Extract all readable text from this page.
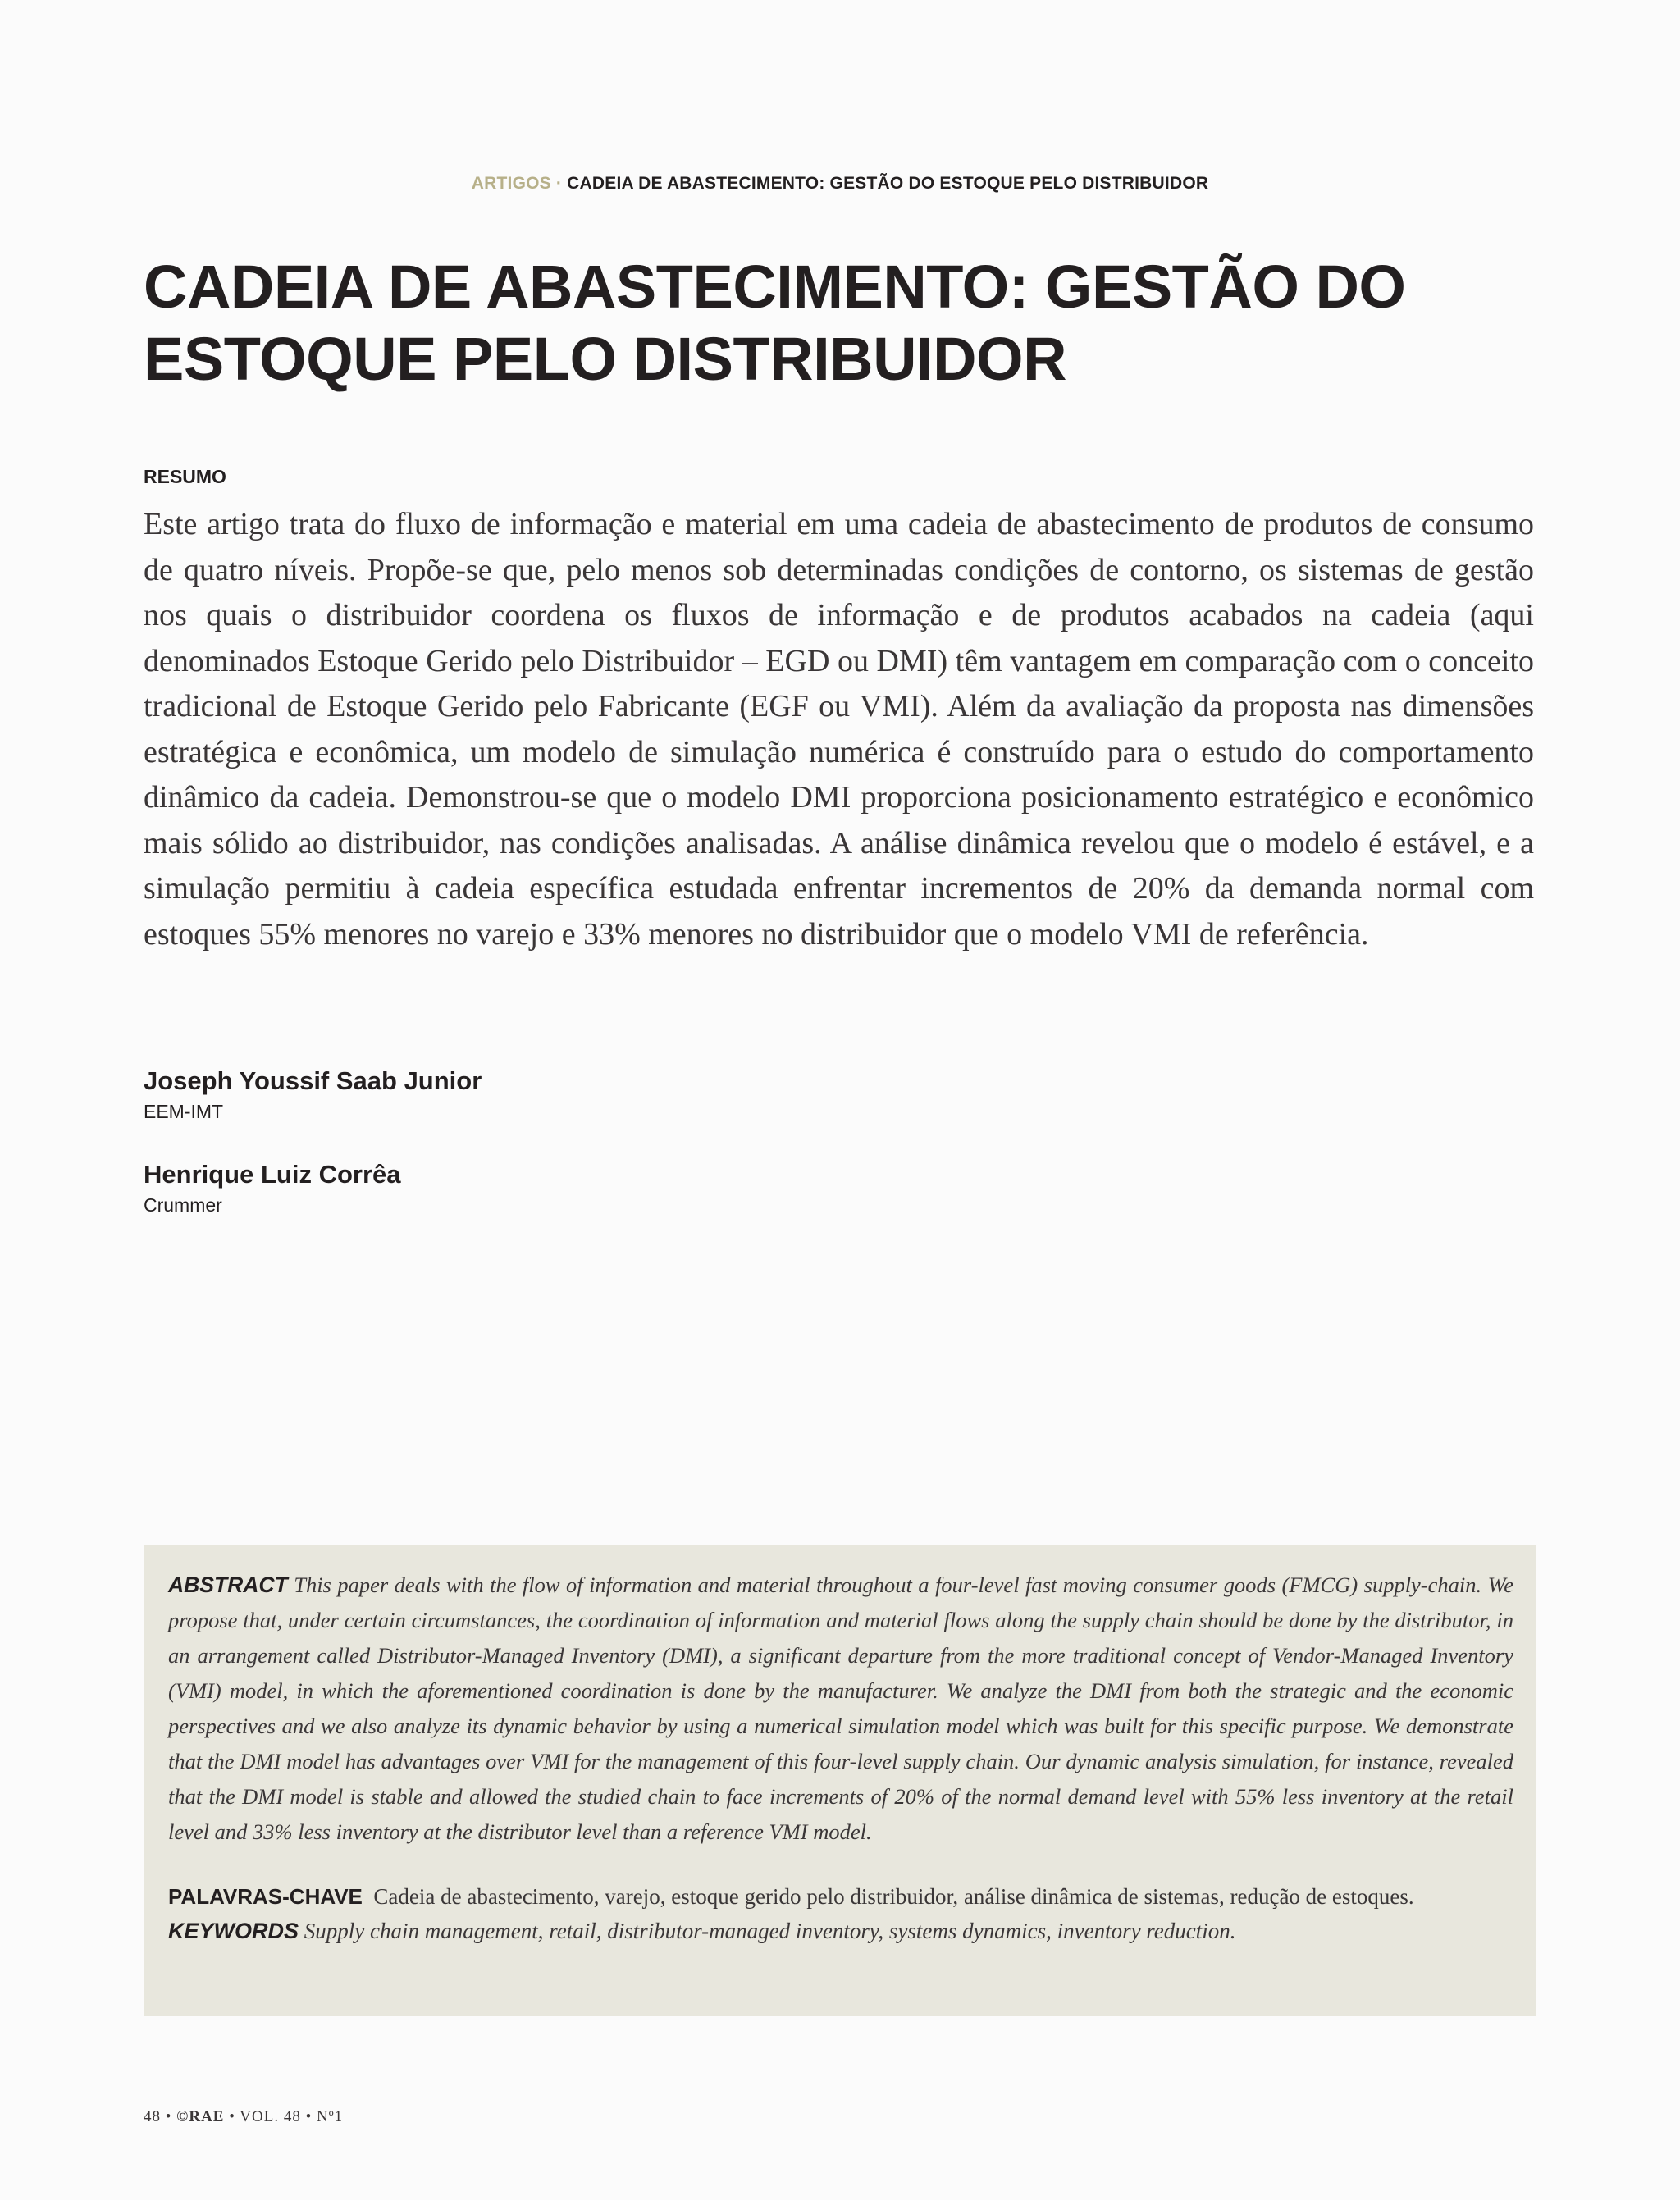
ARTIGOS · CADEIA DE ABASTECIMENTO: GESTÃO DO ESTOQUE PELO DISTRIBUIDOR
CADEIA DE ABASTECIMENTO: GESTÃO DO ESTOQUE PELO DISTRIBUIDOR
RESUMO

Este artigo trata do fluxo de informação e material em uma cadeia de abastecimento de produtos de consumo de quatro níveis. Propõe-se que, pelo menos sob determinadas condições de contorno, os sistemas de gestão nos quais o distribuidor coordena os fluxos de informação e de produtos acabados na cadeia (aqui denominados Estoque Gerido pelo Distribuidor – EGD ou DMI) têm vantagem em comparação com o conceito tradicional de Estoque Gerido pelo Fabricante (EGF ou VMI). Além da avaliação da proposta nas dimensões estratégica e econômica, um modelo de simulação numérica é construído para o estudo do comportamento dinâmico da cadeia. Demonstrou-se que o modelo DMI proporciona posicionamento estratégico e econômico mais sólido ao distribuidor, nas condições analisadas. A análise dinâmica revelou que o modelo é estável, e a simulação permitiu à cadeia específica estudada enfrentar incrementos de 20% da demanda normal com estoques 55% menores no varejo e 33% menores no distribuidor que o modelo VMI de referência.

Joseph Youssif Saab Junior
EEM-IMT
Henrique Luiz Corrêa
Crummer

ABSTRACT This paper deals with the flow of information and material throughout a four-level fast moving consumer goods (FMCG) supply-chain. We propose that, under certain circumstances, the coordination of information and material flows along the supply chain should be done by the distributor, in an arrangement called Distributor-Managed Inventory (DMI), a significant departure from the more traditional concept of Vendor-Managed Inventory (VMI) model, in which the aforementioned coordination is done by the manufacturer. We analyze the DMI from both the strategic and the economic perspectives and we also analyze its dynamic behavior by using a numerical simulation model which was built for this specific purpose. We demonstrate that the DMI model has advantages over VMI for the management of this four-level supply chain. Our dynamic analysis simulation, for instance, revealed that the DMI model is stable and allowed the studied chain to face increments of 20% of the normal demand level with 55% less inventory at the retail level and 33% less inventory at the distributor level than a reference VMI model.

PALAVRAS-CHAVE Cadeia de abastecimento, varejo, estoque gerido pelo distribuidor, análise dinâmica de sistemas, redução de estoques.

KEYWORDS Supply chain management, retail, distributor-managed inventory, systems dynamics, inventory reduction.

48 • ©RAE • VOL. 48 • Nº1
